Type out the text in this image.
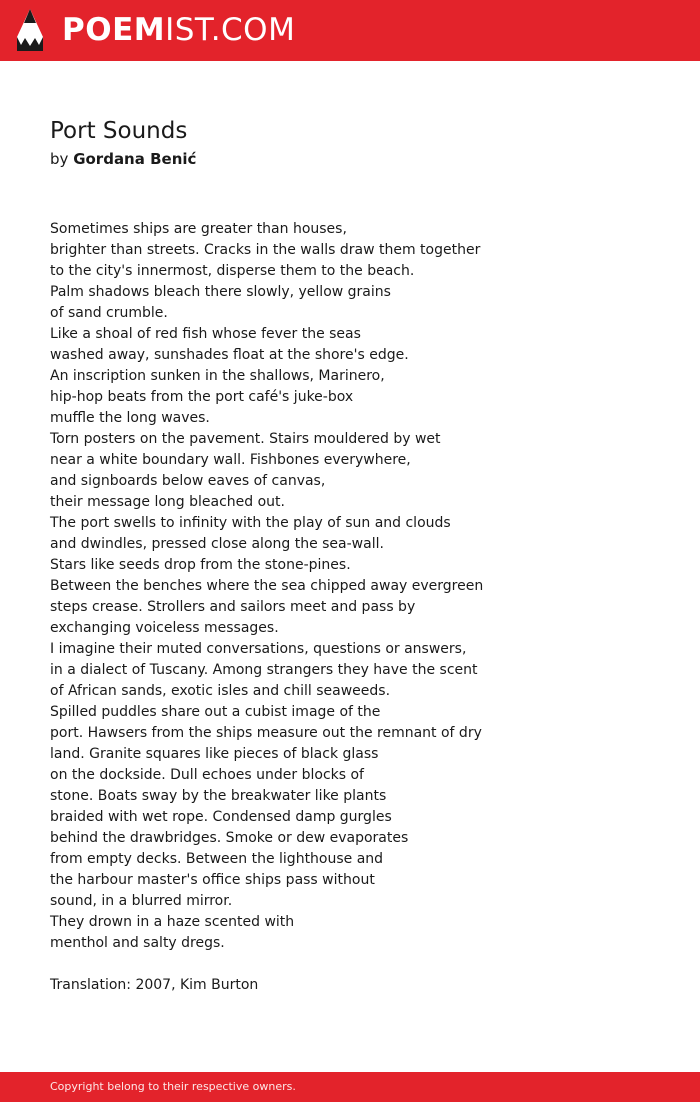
POEMIST.COM
Port Sounds
by Gordana Benić
Sometimes ships are greater than houses,
brighter than streets. Cracks in the walls draw them together
to the city's innermost, disperse them to the beach.
Palm shadows bleach there slowly, yellow grains
of sand crumble.
Like a shoal of red fish whose fever the seas
washed away, sunshades float at the shore's edge.
An inscription sunken in the shallows, Marinero,
hip-hop beats from the port café's juke-box
muffle the long waves.
Torn posters on the pavement. Stairs mouldered by wet
near a white boundary wall. Fishbones everywhere,
and signboards below eaves of canvas,
their message long bleached out.
The port swells to infinity with the play of sun and clouds
and dwindles, pressed close along the sea-wall.
Stars like seeds drop from the stone-pines.
Between the benches where the sea chipped away evergreen
steps crease. Strollers and sailors meet and pass by
exchanging voiceless messages.
I imagine their muted conversations, questions or answers,
in a dialect of Tuscany. Among strangers they have the scent
of African sands, exotic isles and chill seaweeds.
Spilled puddles share out a cubist image of the
port. Hawsers from the ships measure out the remnant of dry
land. Granite squares like pieces of black glass
on the dockside. Dull echoes under blocks of
stone. Boats sway by the breakwater like plants
braided with wet rope. Condensed damp gurgles
behind the drawbridges. Smoke or dew evaporates
from empty decks. Between the lighthouse and
the harbour master's office ships pass without
sound, in a blurred mirror.
They drown in a haze scented with
menthol and salty dregs.
Translation: 2007, Kim Burton
Copyright belong to their respective owners.
